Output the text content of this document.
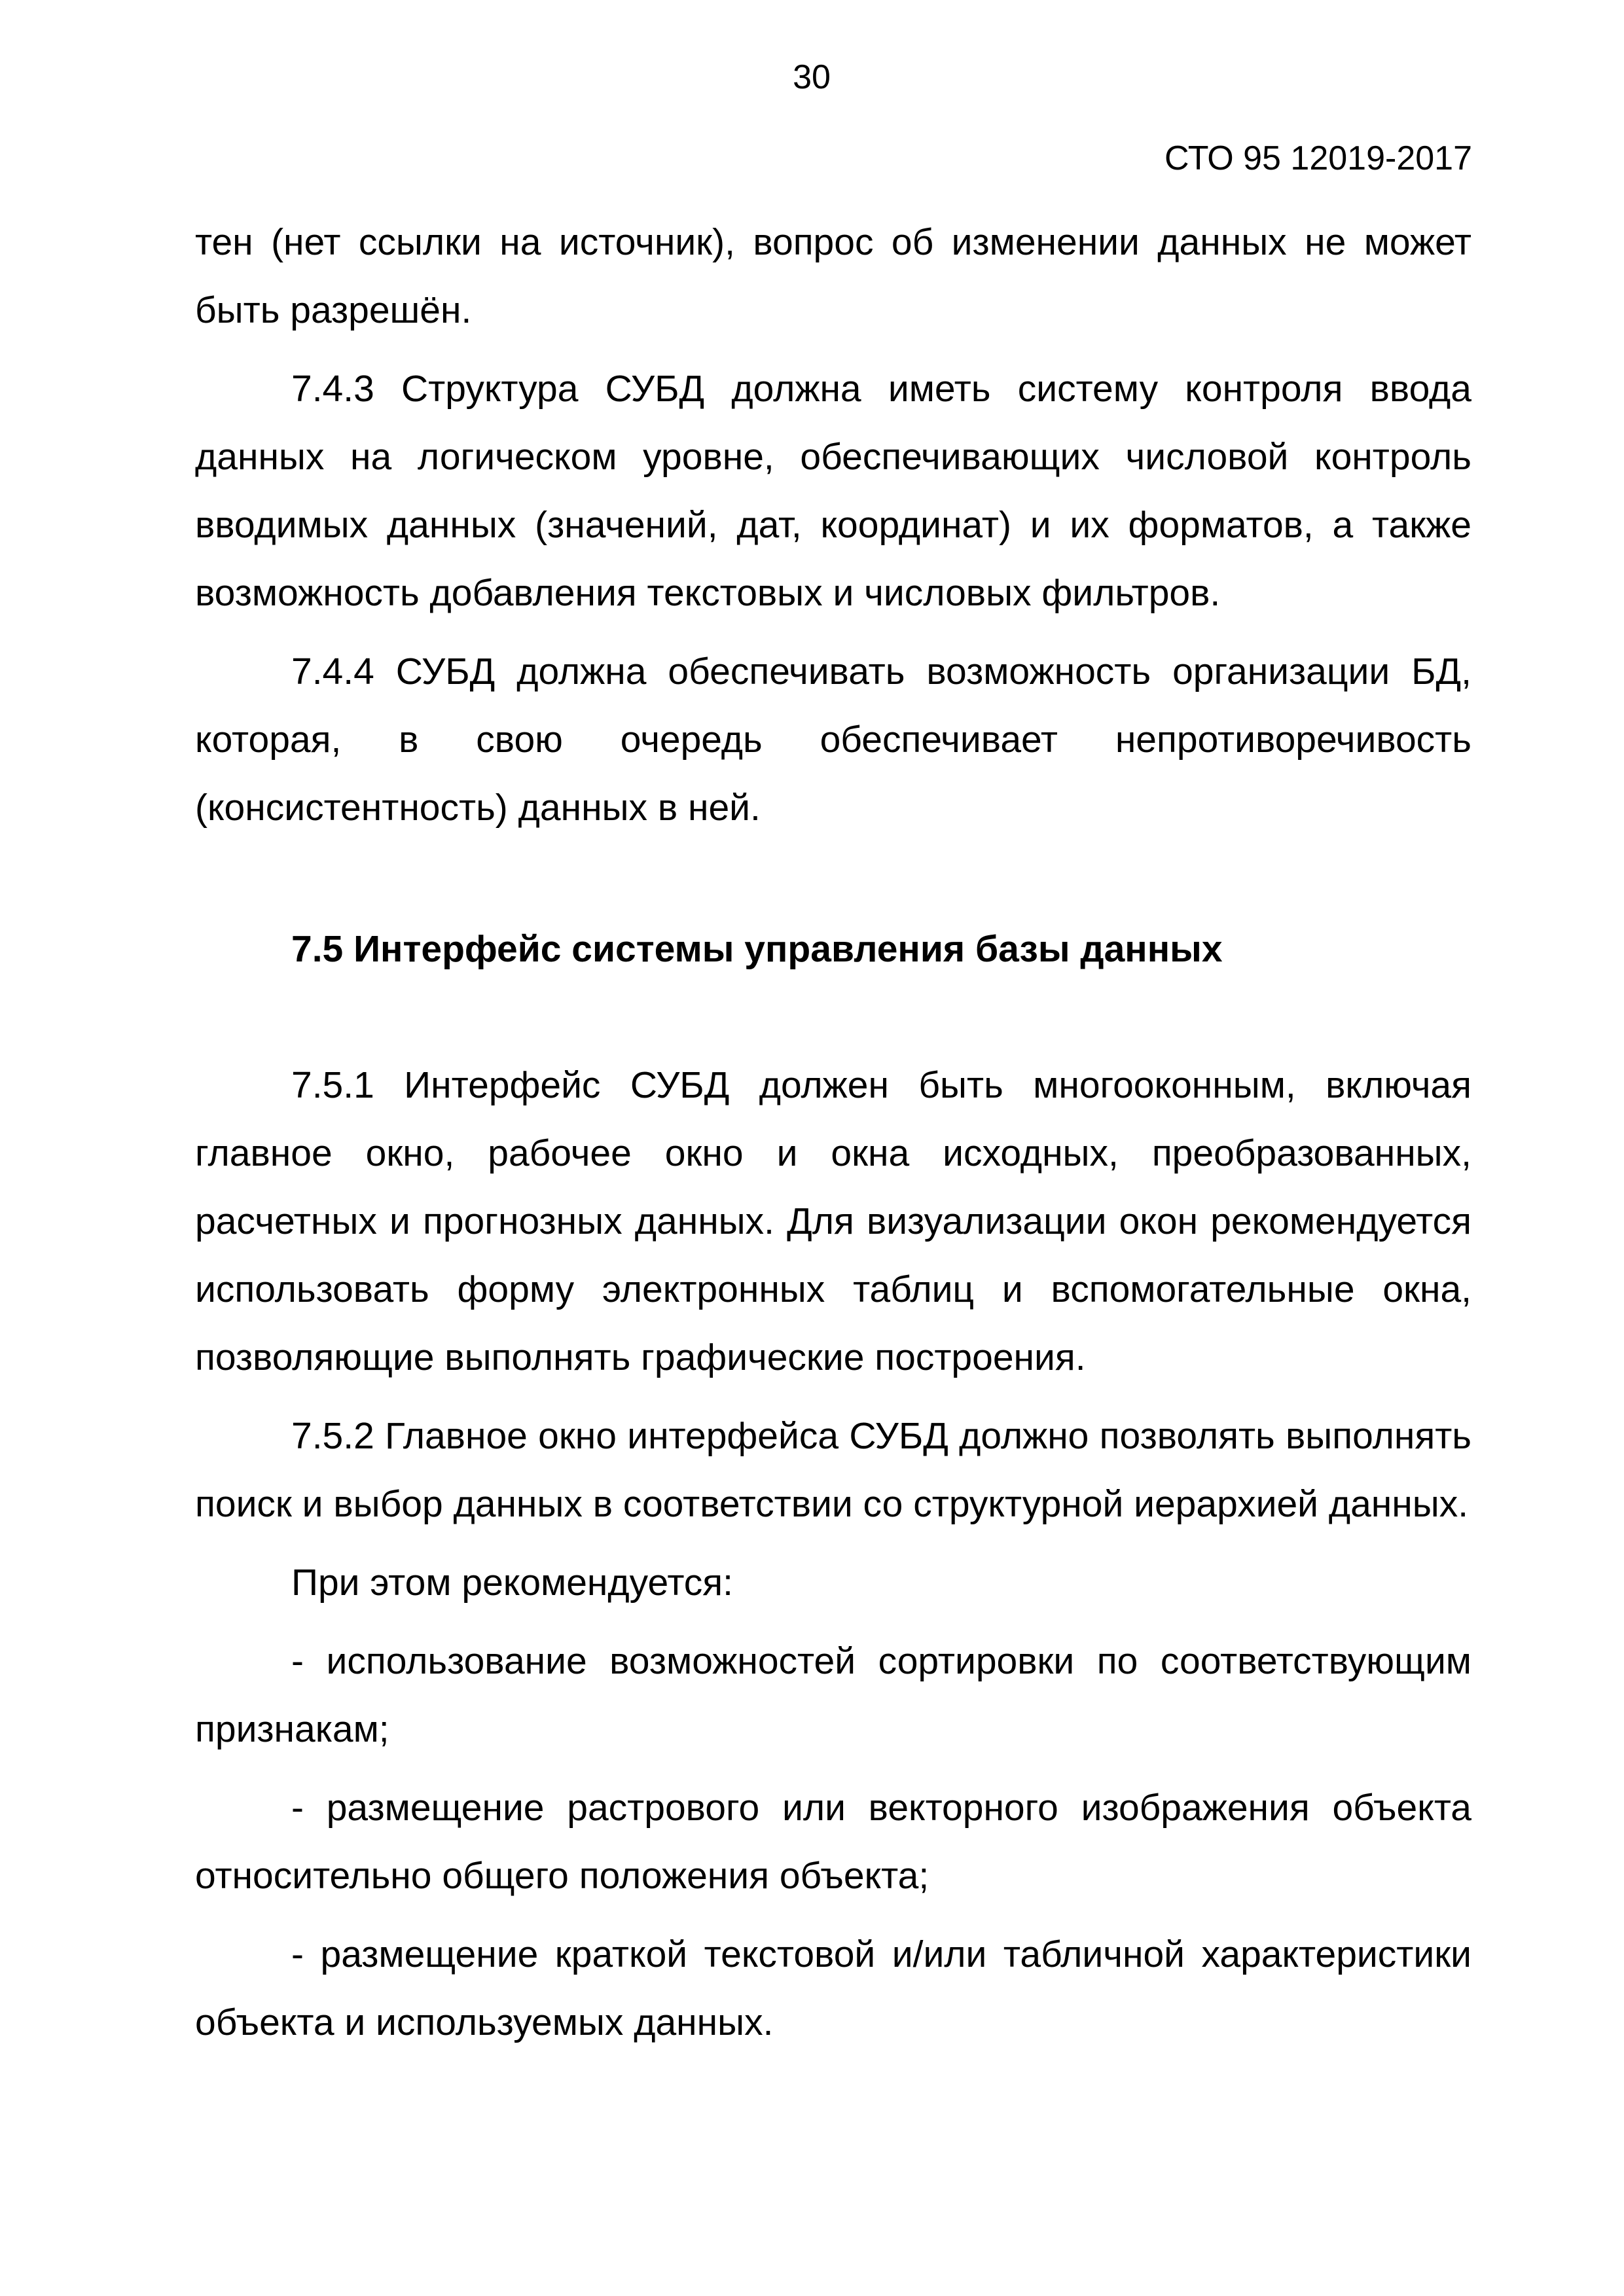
30
СТО 95 12019-2017

тен (нет ссылки на источник), вопрос об изменении данных не может быть разрешён.

7.4.3 Структура СУБД должна иметь систему контроля ввода данных на логическом уровне, обеспечивающих числовой контроль вводимых данных (значений, дат, координат) и их форматов, а также возможность добавления текстовых и числовых фильтров.

7.4.4 СУБД должна обеспечивать возможность организации БД, которая, в свою очередь обеспечивает непротиворечивость (консистентность) данных в ней.

7.5 Интерфейс системы управления базы данных

7.5.1 Интерфейс СУБД должен быть многооконным, включая главное окно, рабочее окно и окна исходных, преобразованных, расчетных и прогнозных данных. Для визуализации окон рекомендуется использовать форму электронных таблиц и вспомогательные окна, позволяющие выполнять графические построения.

7.5.2 Главное окно интерфейса СУБД должно позволять выполнять поиск и выбор данных в соответствии со структурной иерархией данных.

При этом рекомендуется:

- использование возможностей сортировки по соответствующим признакам;

- размещение растрового или векторного изображения объекта относительно общего положения объекта;

- размещение краткой текстовой и/или табличной характеристики объекта и используемых данных.
